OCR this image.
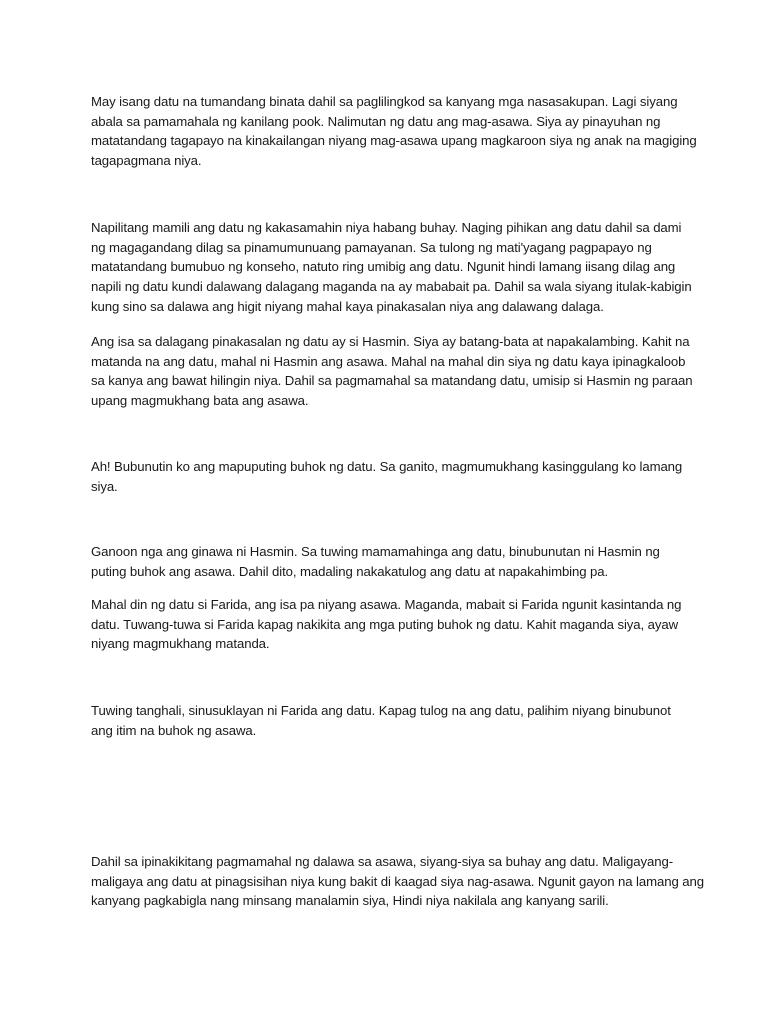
May isang datu na tumandang binata dahil sa paglilingkod sa kanyang mga nasasakupan. Lagi siyang
abala sa pamamahala ng kanilang pook. Nalimutan ng datu ang mag-asawa. Siya ay pinayuhan ng
matatandang tagapayo na kinakailangan niyang mag-asawa upang magkaroon siya ng anak na magiging
tagapagmana niya.

Napilitang mamili ang datu ng kakasamahin niya habang buhay. Naging pihikan ang datu dahil sa dami
ng magagandang dilag sa pinamumunuang pamayanan. Sa tulong ng mati'yagang pagpapayo ng
matatandang bumubuo ng konseho, natuto ring umibig ang datu. Ngunit hindi lamang iisang dilag ang
napili ng datu kundi dalawang dalagang maganda na ay mababait pa. Dahil sa wala siyang itulak-kabigin
kung sino sa dalawa ang higit niyang mahal kaya pinakasalan niya ang dalawang dalaga.

Ang isa sa dalagang pinakasalan ng datu ay si Hasmin. Siya ay batang-bata at napakalambing. Kahit na
matanda na ang datu, mahal ni Hasmin ang asawa. Mahal na mahal din siya ng datu kaya ipinagkaloob
sa kanya ang bawat hilingin niya. Dahil sa pagmamahal sa matandang datu, umisip si Hasmin ng paraan
upang magmukhang bata ang asawa.

Ah! Bubunutin ko ang mapuputing buhok ng datu. Sa ganito, magmumukhang kasinggulang ko lamang
siya.

Ganoon nga ang ginawa ni Hasmin. Sa tuwing mamamahinga ang datu, binubunutan ni Hasmin ng
puting buhok ang asawa. Dahil dito, madaling nakakatulog ang datu at napakahimbing pa.

Mahal din ng datu si Farida, ang isa pa niyang asawa. Maganda, mabait si Farida ngunit kasintanda ng
datu. Tuwang-tuwa si Farida kapag nakikita ang mga puting buhok ng datu. Kahit maganda siya, ayaw
niyang magmukhang matanda.

Tuwing tanghali, sinusuklayan ni Farida ang datu. Kapag tulog na ang datu, palihim niyang binubunot
ang itim na buhok ng asawa.

Dahil sa ipinakikitang pagmamahal ng dalawa sa asawa, siyang-siya sa buhay ang datu. Maligayang-
maligaya ang datu at pinagsisihan niya kung bakit di kaagad siya nag-asawa. Ngunit gayon na lamang ang
kanyang pagkabigla nang minsang manalamin siya, Hindi niya nakilala ang kanyang sarili.
